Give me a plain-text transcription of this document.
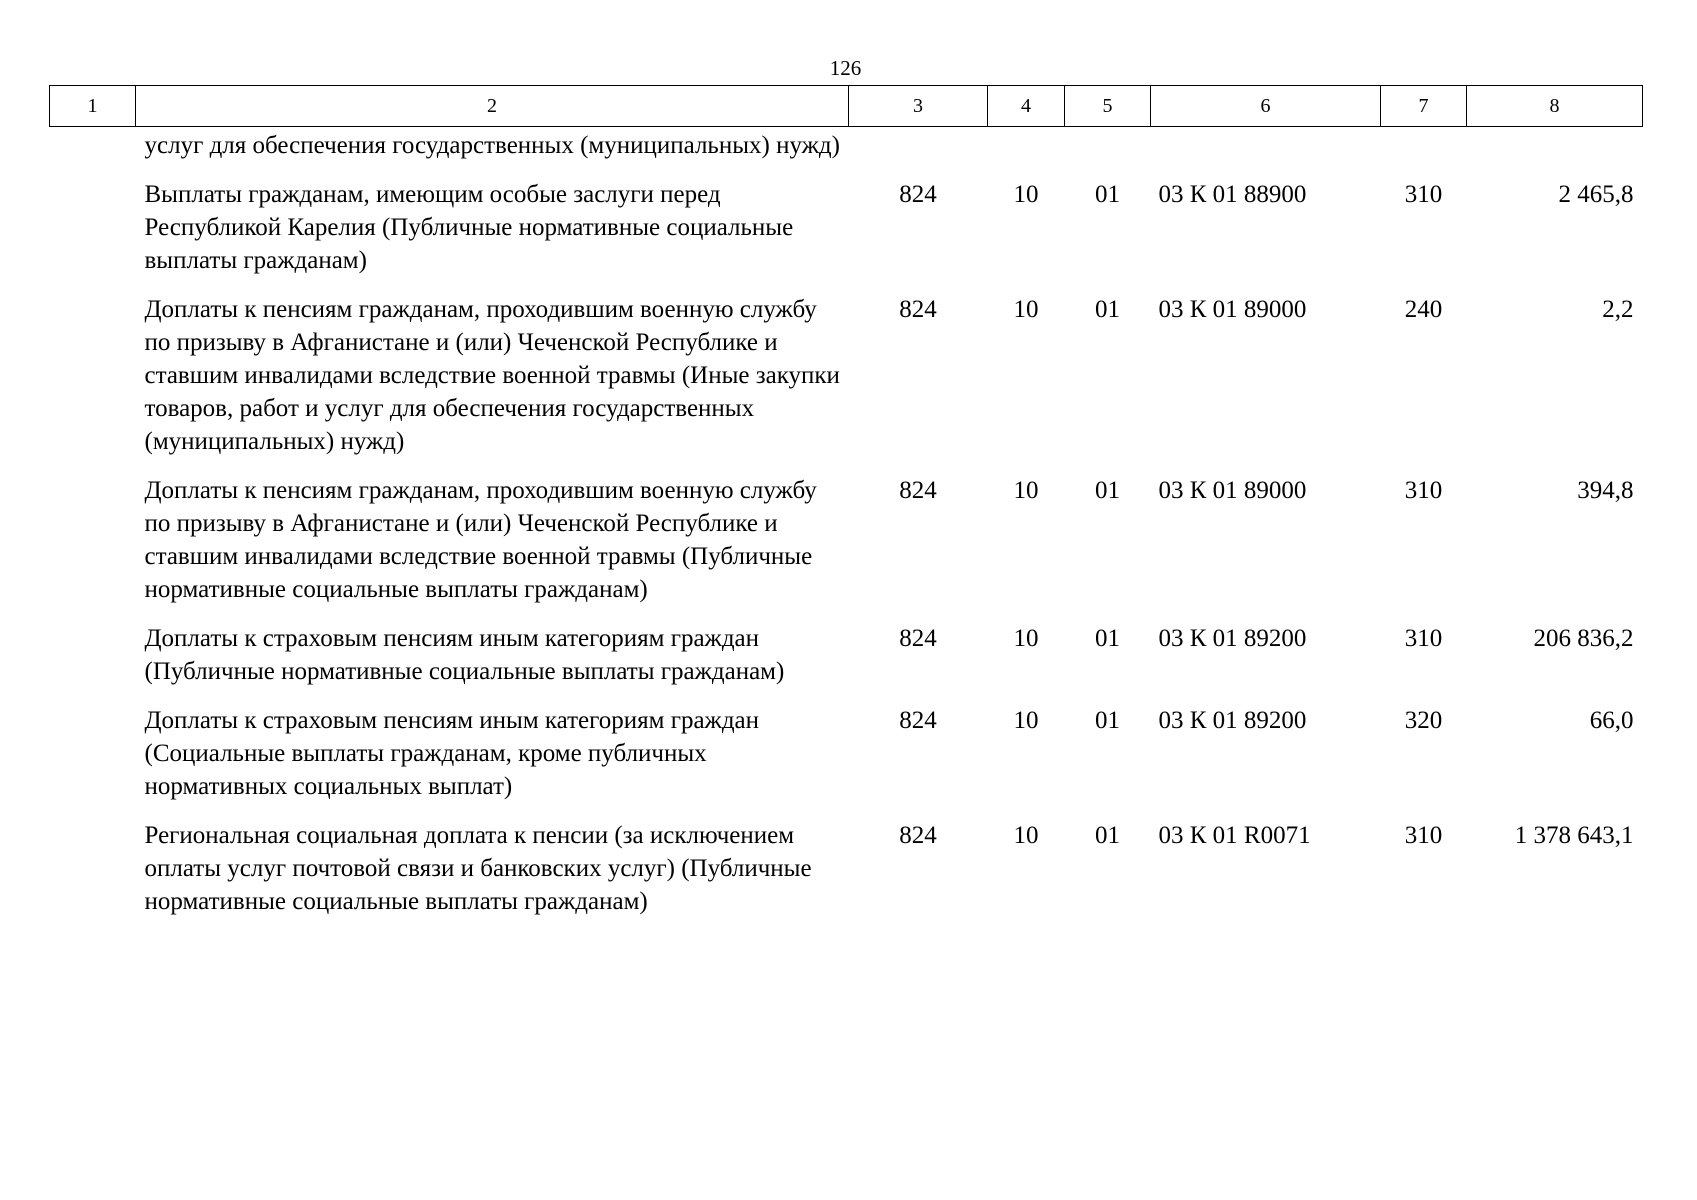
126
1	2	3	4	5	6	7	8
	услуг для обеспечения государственных (муниципальных) нужд)						
	Выплаты гражданам, имеющим особые заслуги перед Республикой Карелия (Публичные нормативные социальные выплаты гражданам)	824	10	01	03 К 01 88900	310	2 465,8
	Доплаты к пенсиям гражданам, проходившим военную службу по призыву в Афганистане и (или) Чеченской Республике и ставшим инвалидами вследствие военной травмы (Иные закупки товаров, работ и услуг для обеспечения государственных (муниципальных) нужд)	824	10	01	03 К 01 89000	240	2,2
	Доплаты к пенсиям гражданам, проходившим военную службу по призыву в Афганистане и (или) Чеченской Республике и ставшим инвалидами вследствие военной травмы (Публичные нормативные социальные выплаты гражданам)	824	10	01	03 К 01 89000	310	394,8
	Доплаты к страховым пенсиям иным категориям граждан (Публичные нормативные социальные выплаты гражданам)	824	10	01	03 К 01 89200	310	206 836,2
	Доплаты к страховым пенсиям иным категориям граждан (Социальные выплаты гражданам, кроме публичных нормативных социальных выплат)	824	10	01	03 К 01 89200	320	66,0
	Региональная социальная доплата к пенсии (за исключением оплаты услуг почтовой связи и банковских услуг) (Публичные нормативные социальные выплаты гражданам)	824	10	01	03 К 01 R0071	310	1 378 643,1
